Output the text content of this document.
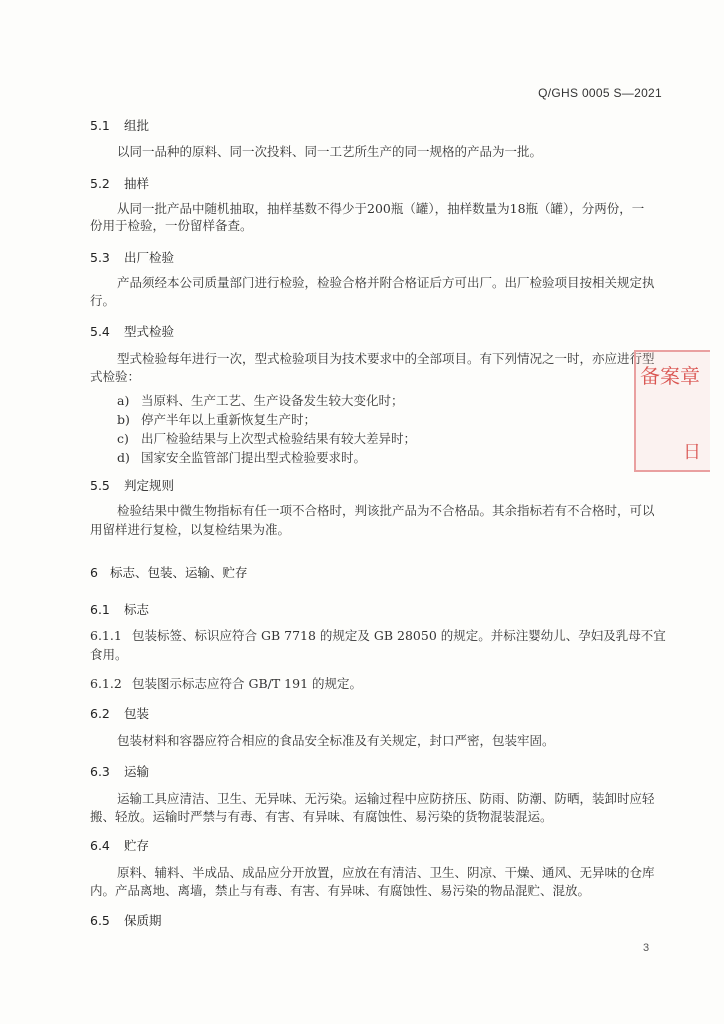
Q/GHS 0005 S—2021
5.1 组批
以同一品种的原料、同一次投料、同一工艺所生产的同一规格的产品为一批。
5.2 抽样
从同一批产品中随机抽取，抽样基数不得少于200瓶（罐），抽样数量为18瓶（罐），分两份，一
份用于检验，一份留样备查。
5.3 出厂检验
产品须经本公司质量部门进行检验，检验合格并附合格证后方可出厂。出厂检验项目按相关规定执
行。
5.4 型式检验
型式检验每年进行一次，型式检验项目为技术要求中的全部项目。有下列情况之一时，亦应进行型
式检验：
a) 当原料、生产工艺、生产设备发生较大变化时；
b) 停产半年以上重新恢复生产时；
c) 出厂检验结果与上次型式检验结果有较大差异时；
d) 国家安全监管部门提出型式检验要求时。
5.5 判定规则
检验结果中微生物指标有任一项不合格时，判该批产品为不合格品。其余指标若有不合格时，可以
用留样进行复检，以复检结果为准。
6 标志、包装、运输、贮存
6.1 标志
6.1.1 包装标签、标识应符合 GB 7718 的规定及 GB 28050 的规定。并标注婴幼儿、孕妇及乳母不宜
食用。
6.1.2 包装图示标志应符合 GB/T 191 的规定。
6.2 包装
包装材料和容器应符合相应的食品安全标准及有关规定，封口严密，包装牢固。
6.3 运输
运输工具应清洁、卫生、无异味、无污染。运输过程中应防挤压、防雨、防潮、防晒，装卸时应轻
搬、轻放。运输时严禁与有毒、有害、有异味、有腐蚀性、易污染的货物混装混运。
6.4 贮存
原料、辅料、半成品、成品应分开放置，应放在有清洁、卫生、阴凉、干燥、通风、无异味的仓库
内。产品离地、离墙，禁止与有毒、有害、有异味、有腐蚀性、易污染的物品混贮、混放。
6.5 保质期
备案章
日
3
